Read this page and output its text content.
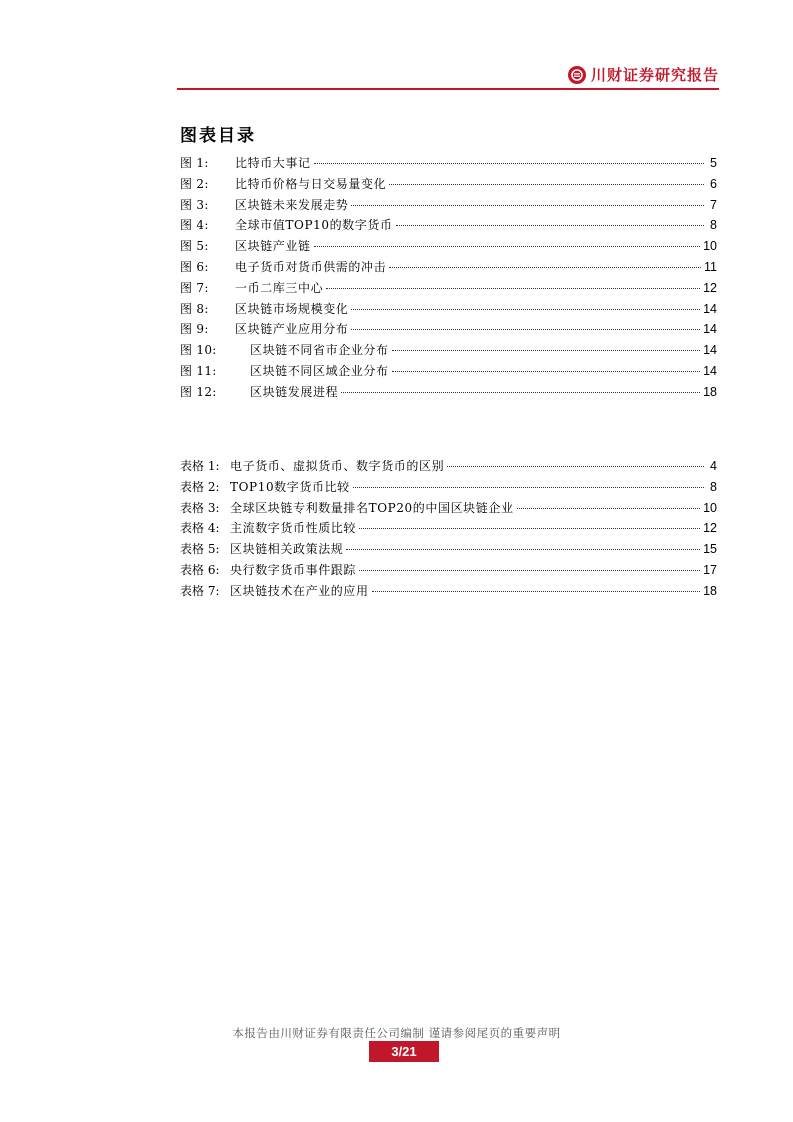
川财证券研究报告
图表目录
图 1:	比特币大事记	5
图 2:	比特币价格与日交易量变化	6
图 3:	区块链未来发展走势	7
图 4:	全球市值TOP10的数字货币	8
图 5:	区块链产业链	10
图 6:	电子货币对货币供需的冲击	11
图 7:	一币二库三中心	12
图 8:	区块链市场规模变化	14
图 9:	区块链产业应用分布	14
图 10:	区块链不同省市企业分布	14
图 11:	区块链不同区域企业分布	14
图 12:	区块链发展进程	18
表格 1: 电子货币、虚拟货币、数字货币的区别	4
表格 2: TOP10数字货币比较	8
表格 3: 全球区块链专利数量排名TOP20的中国区块链企业	10
表格 4: 主流数字货币性质比较	12
表格 5: 区块链相关政策法规	15
表格 6: 央行数字货币事件跟踪	17
表格 7: 区块链技术在产业的应用	18
本报告由川财证券有限责任公司编制 谨请参阅尾页的重要声明
3/21
